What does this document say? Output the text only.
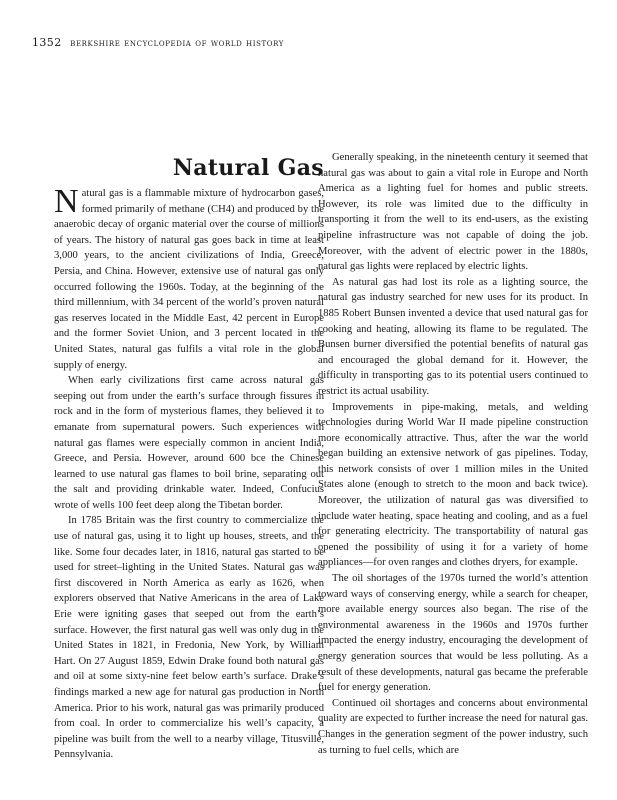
1352 berkshire encyclopedia of world history
Natural Gas

Natural gas is a flammable mixture of hydrocarbon gases, formed primarily of methane (CH4) and produced by the anaerobic decay of organic material over the course of millions of years. The history of natural gas goes back in time at least 3,000 years, to the ancient civilizations of India, Greece, Persia, and China. However, extensive use of natural gas only occurred following the 1960s. Today, at the beginning of the third millennium, with 34 percent of the world’s proven natural gas reserves located in the Middle East, 42 percent in Europe and the former Soviet Union, and 3 percent located in the United States, natural gas fulfils a vital role in the global supply of energy.

When early civilizations first came across natural gas seeping out from under the earth’s surface through fissures in rock and in the form of mysterious flames, they believed it to emanate from supernatural powers. Such experiences with natural gas flames were especially common in ancient India, Greece, and Persia. However, around 600 bce the Chinese learned to use natural gas flames to boil brine, separating out the salt and providing drinkable water. Indeed, Confucius wrote of wells 100 feet deep along the Tibetan border.

In 1785 Britain was the first country to commercialize the use of natural gas, using it to light up houses, streets, and the like. Some four decades later, in 1816, natural gas started to be used for street–lighting in the United States. Natural gas was first discovered in North America as early as 1626, when explorers observed that Native Americans in the area of Lake Erie were igniting gases that seeped out from the earth’s surface. However, the first natural gas well was only dug in the United States in 1821, in Fredonia, New York, by William Hart. On 27 August 1859, Edwin Drake found both natural gas and oil at some sixty-nine feet below earth’s surface. Drake’s findings marked a new age for natural gas production in North America. Prior to his work, natural gas was primarily produced from coal. In order to commercialize his well’s capacity, a pipeline was built from the well to a nearby village, Titusville, Pennsylvania.

Generally speaking, in the nineteenth century it seemed that natural gas was about to gain a vital role in Europe and North America as a lighting fuel for homes and public streets. However, its role was limited due to the difficulty in transporting it from the well to its end-users, as the existing pipeline infrastructure was not capable of doing the job. Moreover, with the advent of electric power in the 1880s, natural gas lights were replaced by electric lights.

As natural gas had lost its role as a lighting source, the natural gas industry searched for new uses for its product. In 1885 Robert Bunsen invented a device that used natural gas for cooking and heating, allowing its flame to be regulated. The Bunsen burner diversified the potential benefits of natural gas and encouraged the global demand for it. However, the difficulty in transporting gas to its potential users continued to restrict its actual usability.

Improvements in pipe-making, metals, and welding technologies during World War II made pipeline construction more economically attractive. Thus, after the war the world began building an extensive network of gas pipelines. Today, this network consists of over 1 million miles in the United States alone (enough to stretch to the moon and back twice). Moreover, the utilization of natural gas was diversified to include water heating, space heating and cooling, and as a fuel for generating electricity. The transportability of natural gas opened the possibility of using it for a variety of home appliances—for oven ranges and clothes dryers, for example.

The oil shortages of the 1970s turned the world’s attention toward ways of conserving energy, while a search for cheaper, more available energy sources also began. The rise of the environmental awareness in the 1960s and 1970s further impacted the energy industry, encouraging the development of energy generation sources that would be less polluting. As a result of these developments, natural gas became the preferable fuel for energy generation.

Continued oil shortages and concerns about environmental quality are expected to further increase the need for natural gas. Changes in the generation segment of the power industry, such as turning to fuel cells, which are
